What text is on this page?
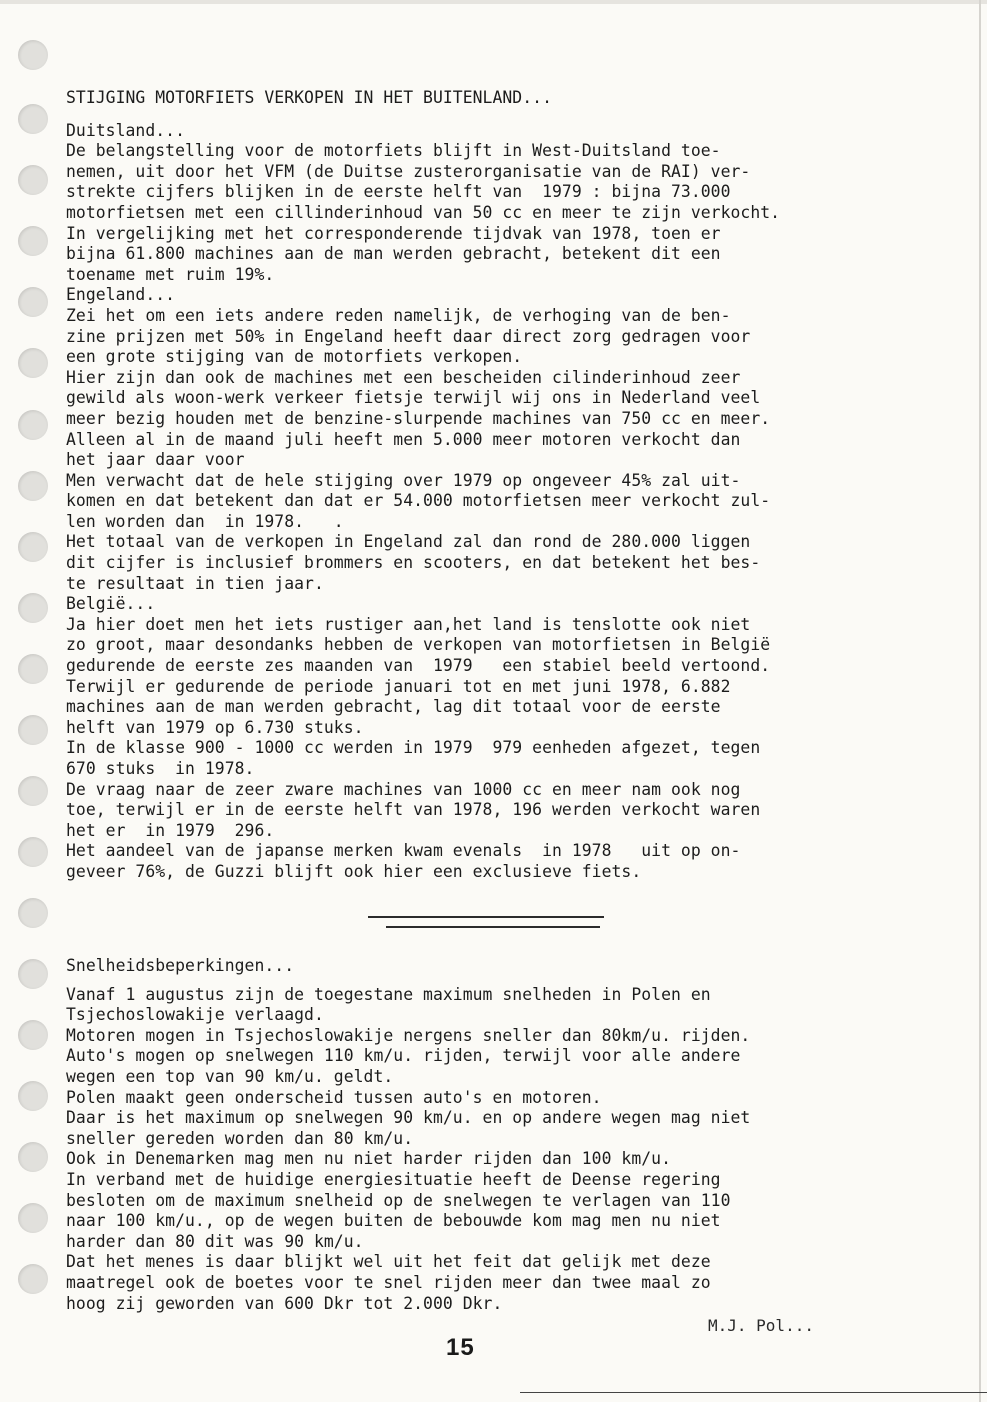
STIJGING MOTORFIETS VERKOPEN IN HET BUITENLAND...
Duitsland...
De belangstelling voor de motorfiets blijft in West-Duitsland toe-
nemen, uit door het VFM (de Duitse zusterorganisatie van de RAI) ver-
strekte cijfers blijken in de eerste helft van  1979 : bijna 73.000
motorfietsen met een cillinderinhoud van 50 cc en meer te zijn verkocht.
In vergelijking met het corresponderende tijdvak van 1978, toen er
bijna 61.800 machines aan de man werden gebracht, betekent dit een
toename met ruim 19%.
Engeland...
Zei het om een iets andere reden namelijk, de verhoging van de ben-
zine prijzen met 50% in Engeland heeft daar direct zorg gedragen voor
een grote stijging van de motorfiets verkopen.
Hier zijn dan ook de machines met een bescheiden cilinderinhoud zeer
gewild als woon-werk verkeer fietsje terwijl wij ons in Nederland veel
meer bezig houden met de benzine-slurpende machines van 750 cc en meer.
Alleen al in de maand juli heeft men 5.000 meer motoren verkocht dan
het jaar daar voor
Men verwacht dat de hele stijging over 1979 op ongeveer 45% zal uit-
komen en dat betekent dan dat er 54.000 motorfietsen meer verkocht zul-
len worden dan  in 1978.   .
Het totaal van de verkopen in Engeland zal dan rond de 280.000 liggen
dit cijfer is inclusief brommers en scooters, en dat betekent het bes-
te resultaat in tien jaar.
België...
Ja hier doet men het iets rustiger aan,het land is tenslotte ook niet
zo groot, maar desondanks hebben de verkopen van motorfietsen in België
gedurende de eerste zes maanden van  1979   een stabiel beeld vertoond.
Terwijl er gedurende de periode januari tot en met juni 1978, 6.882
machines aan de man werden gebracht, lag dit totaal voor de eerste
helft van 1979 op 6.730 stuks.
In de klasse 900 - 1000 cc werden in 1979  979 eenheden afgezet, tegen
670 stuks  in 1978.
De vraag naar de zeer zware machines van 1000 cc en meer nam ook nog
toe, terwijl er in de eerste helft van 1978, 196 werden verkocht waren
het er  in 1979  296.
Het aandeel van de japanse merken kwam evenals  in 1978   uit op on-
geveer 76%, de Guzzi blijft ook hier een exclusieve fiets.
Snelheidsbeperkingen...
Vanaf 1 augustus zijn de toegestane maximum snelheden in Polen en
Tsjechoslowakije verlaagd.
Motoren mogen in Tsjechoslowakije nergens sneller dan 80km/u. rijden.
Auto's mogen op snelwegen 110 km/u. rijden, terwijl voor alle andere
wegen een top van 90 km/u. geldt.
Polen maakt geen onderscheid tussen auto's en motoren.
Daar is het maximum op snelwegen 90 km/u. en op andere wegen mag niet
sneller gereden worden dan 80 km/u.
Ook in Denemarken mag men nu niet harder rijden dan 100 km/u.
In verband met de huidige energiesituatie heeft de Deense regering
besloten om de maximum snelheid op de snelwegen te verlagen van 110
naar 100 km/u., op de wegen buiten de bebouwde kom mag men nu niet
harder dan 80 dit was 90 km/u.
Dat het menes is daar blijkt wel uit het feit dat gelijk met deze
maatregel ook de boetes voor te snel rijden meer dan twee maal zo
hoog zij geworden van 600 Dkr tot 2.000 Dkr.
M.J. Pol...
15
